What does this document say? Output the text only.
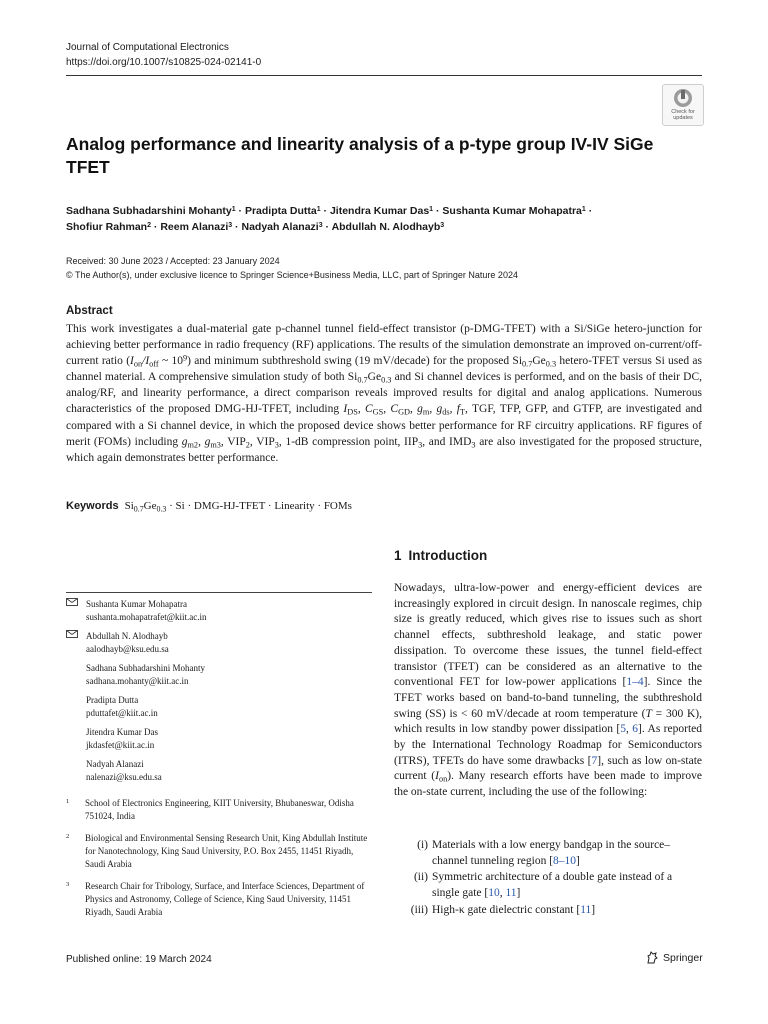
Journal of Computational Electronics
https://doi.org/10.1007/s10825-024-02141-0
Check for
updates
Analog performance and linearity analysis of a p-type group IV-IV SiGe TFET
Sadhana Subhadarshini Mohanty$^1$ · Pradipta Dutta$^1$ · Jitendra Kumar Das$^1$ · Sushanta Kumar Mohapatra$^1$ ·
Shofiur Rahman$^2$ · Reem Alanazi$^3$ · Nadyah Alanazi$^3$ · Abdullah N. Alodhayb$^3$
Received: 30 June 2023 / Accepted: 23 January 2024
© The Author(s), under exclusive licence to Springer Science+Business Media, LLC, part of Springer Nature 2024
Abstract
This work investigates a dual-material gate p-channel tunnel field-effect transistor (p-DMG-TFET) with a Si/SiGe hetero-junction for achieving better performance in radio frequency (RF) applications. The results of the simulation demonstrate an improved on-current/off-current ratio ($I_{on}/I_{off}$ ~ $10^9$) and minimum subthreshold swing (19 mV/decade) for the proposed $Si_{0.7}Ge_{0.3}$ hetero-TFET versus Si used as channel material. A comprehensive simulation study of both $Si_{0.7}Ge_{0.3}$ and Si channel devices is performed, and on the basis of their DC, analog/RF, and linearity performance, a direct comparison reveals improved results for digital and analog applications. Numerous characteristics of the proposed DMG-HJ-TFET, including $I_{DS}$, $C_{GS}$, $C_{GD}$, $g_m$, $g_{ds}$, $f_T$, TGF, TFP, GFP, and GTFP, are investigated and compared with a Si channel device, in which the proposed device shows better performance for RF circuitry applications. RF figures of merit (FOMs) including $g_{m2}$, $g_{m3}$, $VIP_2$, $VIP_3$, 1-dB compression point, $IIP_3$, and $IMD_3$ are also investigated for the proposed structure, which again demonstrates better performance.
Keywords $Si_{0.7}Ge_{0.3} \cdot Si$ · DMG-HJ-TFET · Linearity · FOMs
1 Introduction
Nowadays, ultra-low-power and energy-efficient devices are increasingly explored in circuit design. In nanoscale regimes, chip size is greatly reduced, which gives rise to issues such as short channel effects, subthreshold leakage, and static power dissipation. To overcome these issues, the tunnel field-effect transistor (TFET) can be considered as an alternative to the conventional FET for low-power applications [1–4]. Since the TFET works based on band-to-band tunneling, the subthreshold swing (SS) is < 60 mV/decade at room temperature (T = 300 K), which results in low standby power dissipation [5, 6]. As reported by the International Technology Roadmap for Semiconductors (ITRS), TFETs do have some drawbacks [7], such as low on-state current $(I_{on})$. Many research efforts have been made to improve the on-state current, including the use of the following:
(i) Materials with a low energy bandgap in the source–channel tunneling region [8–10]
(ii) Symmetric architecture of a double gate instead of a single gate [10, 11]
(iii) High-κ gate dielectric constant [11]
Sushanta Kumar Mohapatra
sushanta.mohapatrafet@kiit.ac.in
Abdullah N. Alodhayb
aalodhayb@ksu.edu.sa
Sadhana Subhadarshini Mohanty
sadhana.mohanty@kiit.ac.in
Pradipta Dutta
pduttafet@kiit.ac.in
Jitendra Kumar Das
jkdasfet@kiit.ac.in
Nadyah Alanazi
nalenazi@ksu.edu.sa
1 School of Electronics Engineering, KIIT University, Bhubaneswar, Odisha 751024, India
2 Biological and Environmental Sensing Research Unit, King Abdullah Institute for Nanotechnology, King Saud University, P.O. Box 2455, 11451 Riyadh, Saudi Arabia
3 Research Chair for Tribology, Surface, and Interface Sciences, Department of Physics and Astronomy, College of Science, King Saud University, 11451 Riyadh, Saudi Arabia
Published online: 19 March 2024	Springer
